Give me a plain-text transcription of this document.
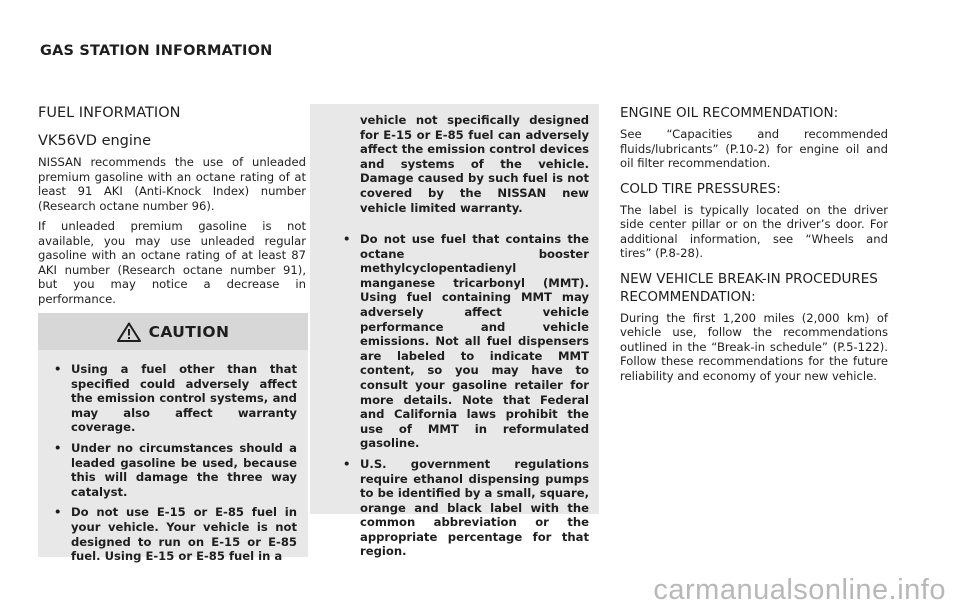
GAS STATION INFORMATION
FUEL INFORMATION
VK56VD engine

NISSAN recommends the use of unleaded premium gasoline with an octane rating of at least 91 AKI (Anti-Knock Index) number (Research octane number 96).

If unleaded premium gasoline is not available, you may use unleaded regular gasoline with an octane rating of at least 87 AKI number (Research octane number 91), but you may notice a decrease in performance.

CAUTION
• Using a fuel other than that specified could adversely affect the emission control systems, and may also affect warranty coverage.
• Under no circumstances should a leaded gasoline be used, because this will damage the three way catalyst.
• Do not use E-15 or E-85 fuel in your vehicle. Your vehicle is not designed to run on E-15 or E-85 fuel. Using E-15 or E-85 fuel in a
vehicle not specifically designed for E-15 or E-85 fuel can adversely affect the emission control devices and systems of the vehicle. Damage caused by such fuel is not covered by the NISSAN new vehicle limited warranty.
• Do not use fuel that contains the octane booster methylcyclopentadienyl manganese tricarbonyl (MMT). Using fuel containing MMT may adversely affect vehicle performance and vehicle emissions. Not all fuel dispensers are labeled to indicate MMT content, so you may have to consult your gasoline retailer for more details. Note that Federal and California laws prohibit the use of MMT in reformulated gasoline.
• U.S. government regulations require ethanol dispensing pumps to be identified by a small, square, orange and black label with the common abbreviation or the appropriate percentage for that region.
ENGINE OIL RECOMMENDATION:

See “Capacities and recommended fluids/lubricants” (P.10-2) for engine oil and oil filter recommendation.

COLD TIRE PRESSURES:

The label is typically located on the driver side center pillar or on the driver’s door. For additional information, see “Wheels and tires” (P.8-28).

NEW VEHICLE BREAK-IN PROCEDURES RECOMMENDATION:

During the first 1,200 miles (2,000 km) of vehicle use, follow the recommendations outlined in the “Break-in schedule” (P.5-122). Follow these recommendations for the future reliability and economy of your new vehicle.

carmanualsonline.info
